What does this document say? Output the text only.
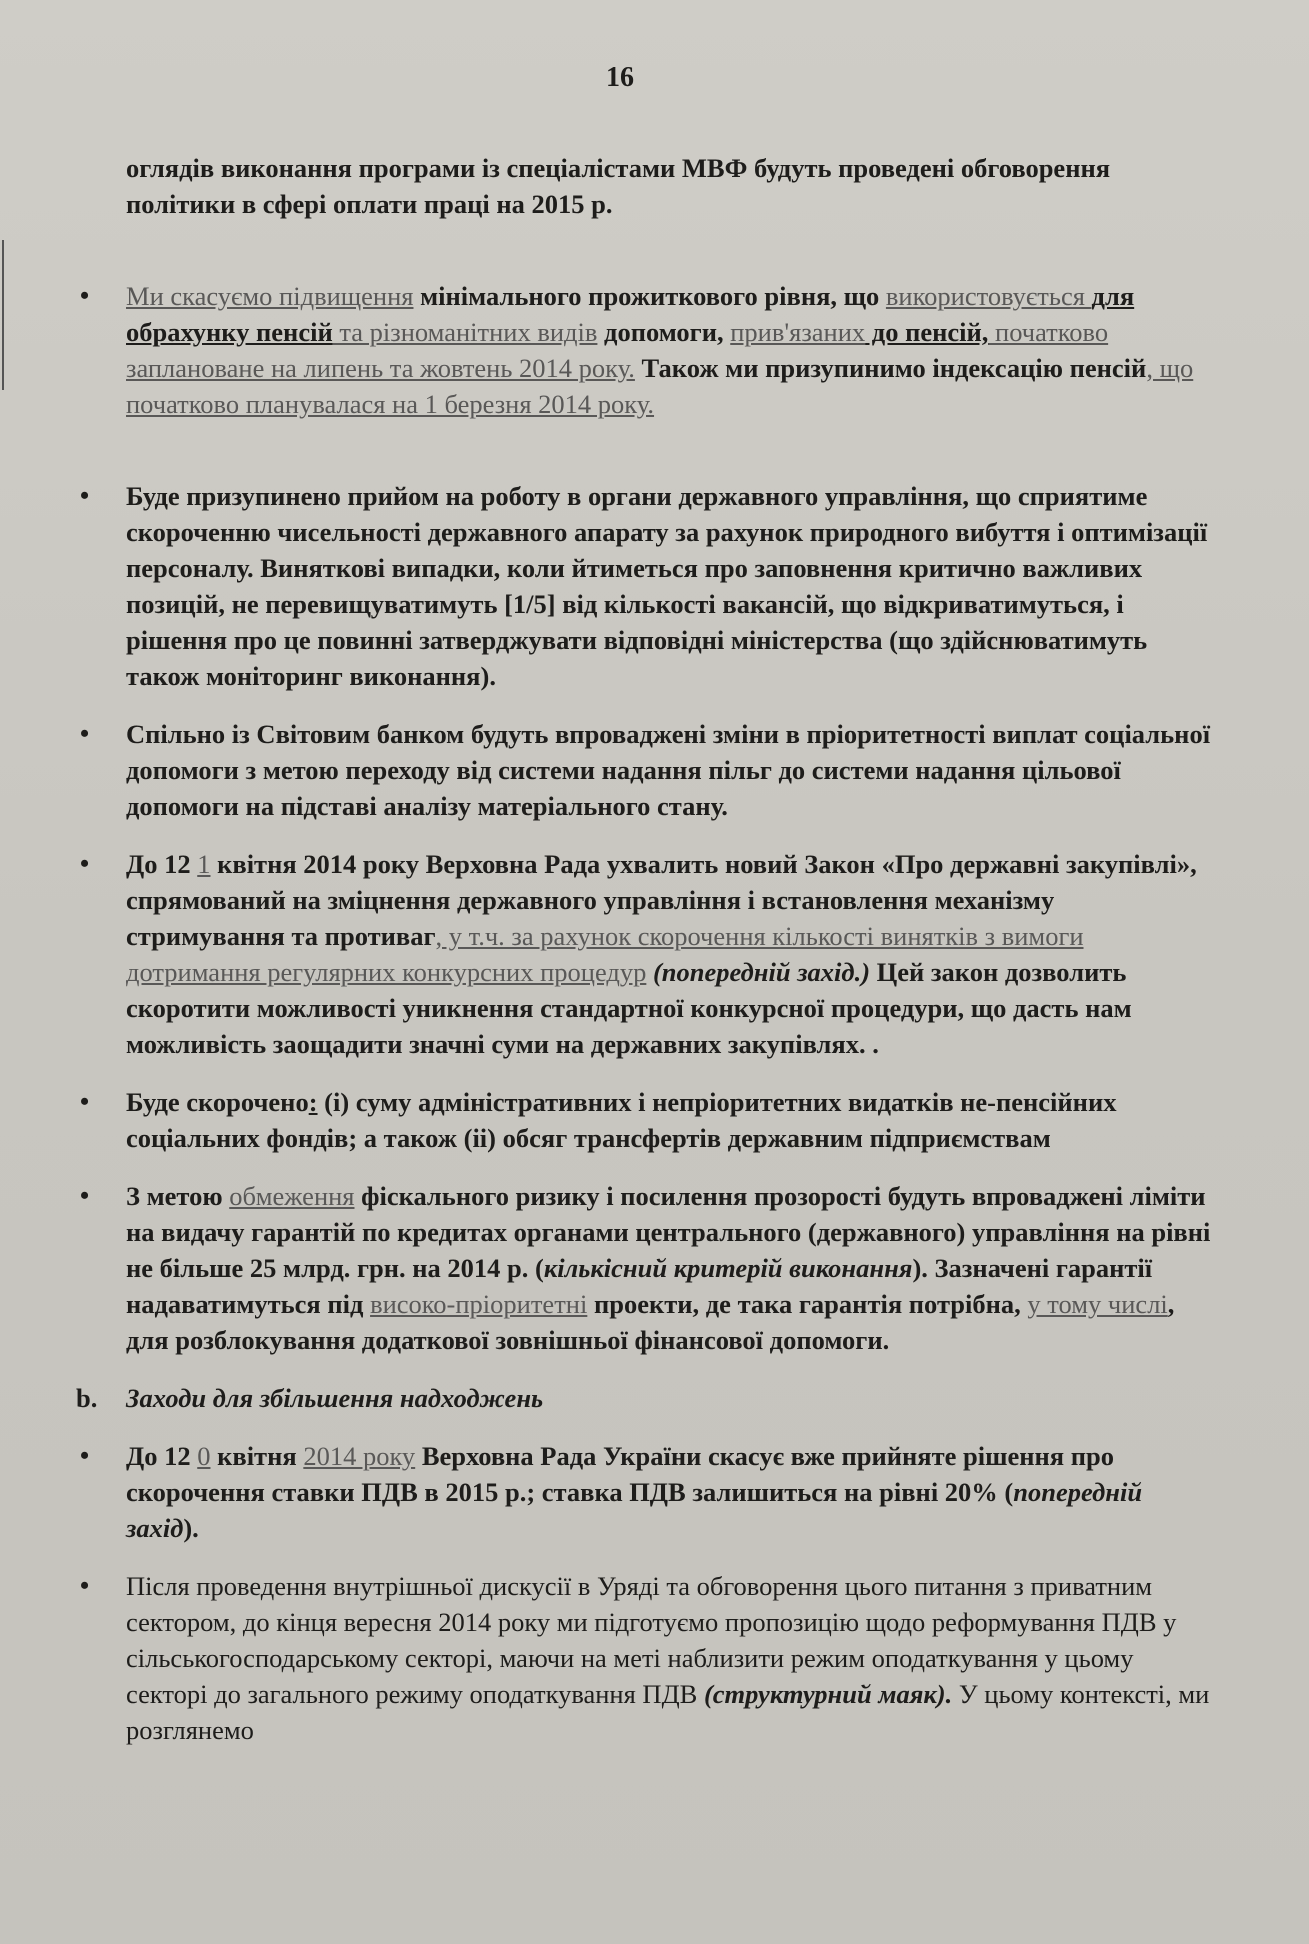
16

оглядів виконання програми із спеціалістами МВФ будуть проведені обговорення політики в сфері оплати праці на 2015 р.

• Ми скасуємо підвищення мінімального прожиткового рівня, що використовується для обрахунку пенсій та різноманітних видів допомоги, прив'язаних до пенсій, початково заплановане на липень та жовтень 2014 року. Також ми призупинимо індексацію пенсій, що початково планувалася на 1 березня 2014 року.
• Буде призупинено прийом на роботу в органи державного управління, що сприятиме скороченню чисельності державного апарату за рахунок природного вибуття і оптимізації персоналу. Виняткові випадки, коли йтиметься про заповнення критично важливих позицій, не перевищуватимуть [1/5] від кількості вакансій, що відкриватимуться, і рішення про це повинні затверджувати відповідні міністерства (що здійснюватимуть також моніторинг виконання).
• Спільно із Світовим банком будуть впроваджені зміни в пріоритетності виплат соціальної допомоги з метою переходу від системи надання пільг до системи надання цільової допомоги на підставі аналізу матеріального стану.
• До 12 1 квітня 2014 року Верховна Рада ухвалить новий Закон «Про державні закупівлі», спрямований на зміцнення державного управління і встановлення механізму стримування та противаг, у т.ч. за рахунок скорочення кількості винятків з вимоги дотримання регулярних конкурсних процедур (попередній захід.) Цей закон дозволить скоротити можливості уникнення стандартної конкурсної процедури, що дасть нам можливість заощадити значні суми на державних закупівлях. .
• Буде скорочено: (і) суму адміністративних і непріоритетних видатків не-пенсійних соціальних фондів; а також (іі) обсяг трансфертів державним підприємствам
• З метою обмеження фіскального ризику і посилення прозорості будуть впроваджені ліміти на видачу гарантій по кредитах органами центрального (державного) управління на рівні не більше 25 млрд. грн. на 2014 р. (кількісний критерій виконання). Зазначені гарантії надаватимуться під високо-пріоритетні проекти, де така гарантія потрібна, у тому числі, для розблокування додаткової зовнішньої фінансової допомоги.
b. Заходи для збільшення надходжень
• До 12 0 квітня 2014 року Верховна Рада України скасує вже прийняте рішення про скорочення ставки ПДВ в 2015 р.; ставка ПДВ залишиться на рівні 20% (попередній захід).
• Після проведення внутрішньої дискусії в Уряді та обговорення цього питання з приватним сектором, до кінця вересня 2014 року ми підготуємо пропозицію щодо реформування ПДВ у сільськогосподарському секторі, маючи на меті наблизити режим оподаткування у цьому секторі до загального режиму оподаткування ПДВ (структурний маяк). У цьому контексті, ми розглянемо
